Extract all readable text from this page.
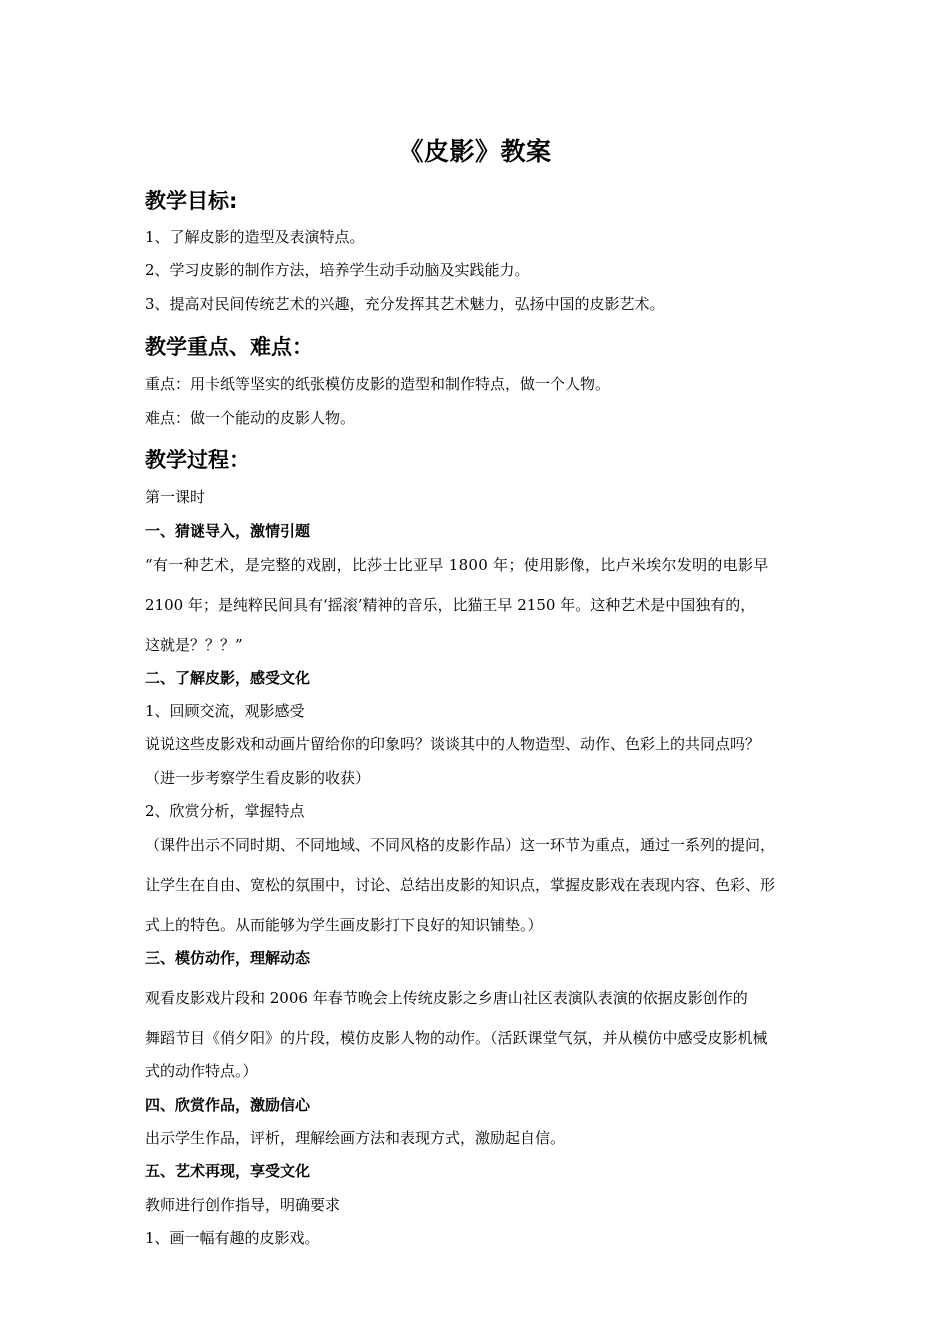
《皮影》教案
教学目标:
1、了解皮影的造型及表演特点。
2、学习皮影的制作方法，培养学生动手动脑及实践能力。
3、提高对民间传统艺术的兴趣，充分发挥其艺术魅力，弘扬中国的皮影艺术。
教学重点、难点：
重点：用卡纸等坚实的纸张模仿皮影的造型和制作特点，做一个人物。
难点：做一个能动的皮影人物。
教学过程：
第一课时
一、猜谜导入，激情引题
“有一种艺术，是完整的戏剧，比莎士比亚早 1800 年；使用影像，比卢米埃尔发明的电影早
2100 年；是纯粹民间具有‘摇滚’精神的音乐，比猫王早 2150 年。这种艺术是中国独有的，
这就是？？？”
二、了解皮影，感受文化
1、回顾交流，观影感受
说说这些皮影戏和动画片留给你的印象吗？谈谈其中的人物造型、动作、色彩上的共同点吗？
（进一步考察学生看皮影的收获）
2、欣赏分析，掌握特点
（课件出示不同时期、不同地域、不同风格的皮影作品）这一环节为重点，通过一系列的提问，
让学生在自由、宽松的氛围中，讨论、总结出皮影的知识点，掌握皮影戏在表现内容、色彩、形
式上的特色。从而能够为学生画皮影打下良好的知识铺垫。）
三、模仿动作，理解动态
观看皮影戏片段和 2006 年春节晚会上传统皮影之乡唐山社区表演队表演的依据皮影创作的
舞蹈节目《俏夕阳》的片段，模仿皮影人物的动作。（活跃课堂气氛，并从模仿中感受皮影机械
式的动作特点。）
四、欣赏作品，激励信心
出示学生作品，评析，理解绘画方法和表现方式，激励起自信。
五、艺术再现，享受文化
教师进行创作指导，明确要求
1、画一幅有趣的皮影戏。
